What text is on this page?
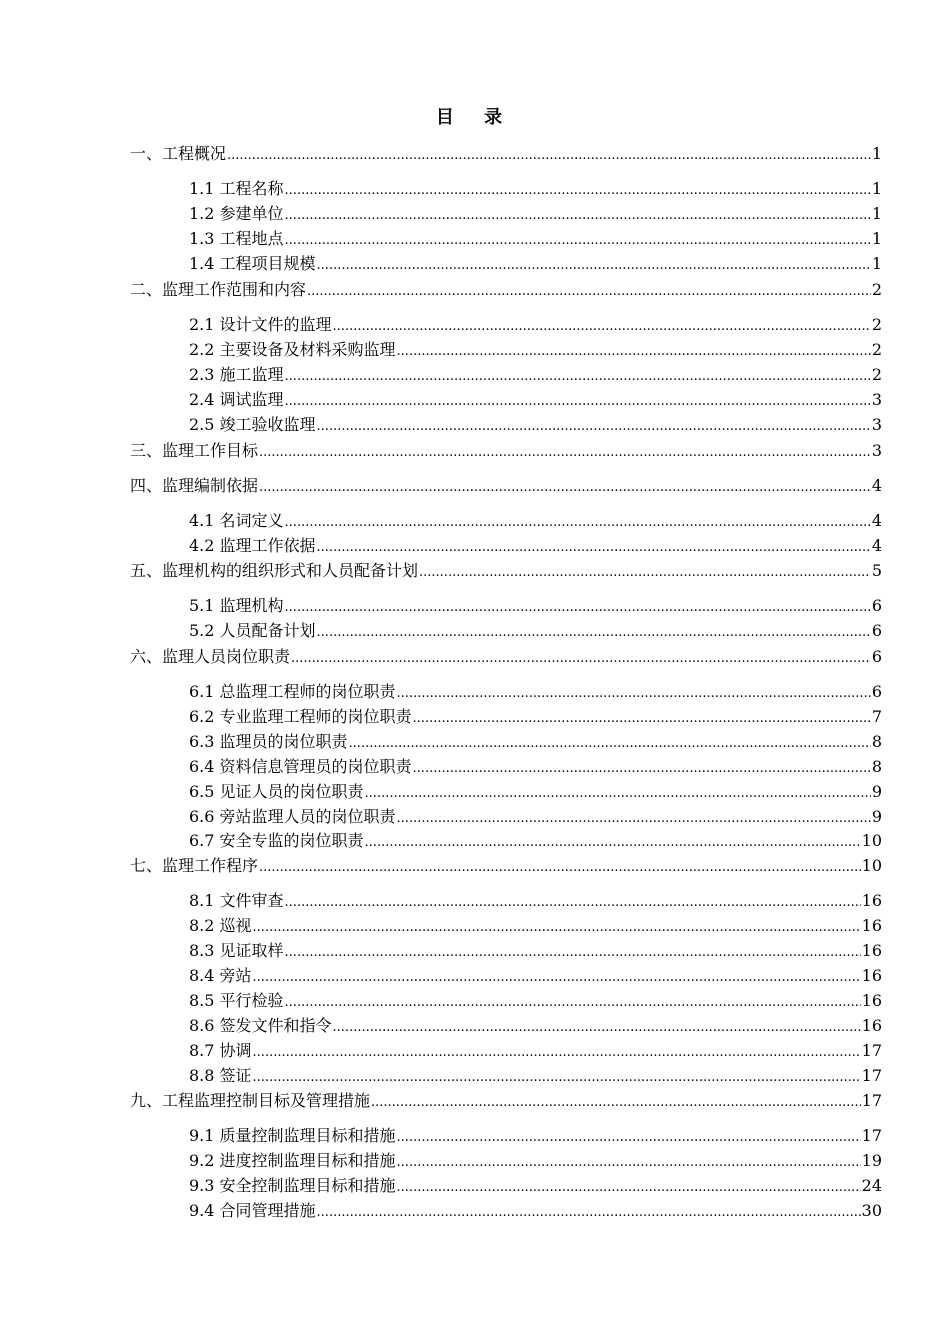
目 录
一、工程概况 .....	1
1.1 工程名称 .....	1
1.2 参建单位 .....	1
1.3 工程地点 .....	1
1.4 工程项目规模 .....	1
二、监理工作范围和内容 .....	2
2.1 设计文件的监理 .....	2
2.2 主要设备及材料采购监理 .....	2
2.3 施工监理 .....	2
2.4 调试监理 .....	3
2.5 竣工验收监理 .....	3
三、监理工作目标 .....	3
四、监理编制依据 .....	4
4.1 名词定义 .....	4
4.2 监理工作依据 .....	4
五、监理机构的组织形式和人员配备计划 .....	5
5.1 监理机构 .....	6
5.2 人员配备计划 .....	6
六、监理人员岗位职责 .....	6
6.1 总监理工程师的岗位职责 .....	6
6.2 专业监理工程师的岗位职责 .....	7
6.3 监理员的岗位职责 .....	8
6.4 资料信息管理员的岗位职责 .....	8
6.5 见证人员的岗位职责 .....	9
6.6 旁站监理人员的岗位职责 .....	9
6.7 安全专监的岗位职责 .....	10
七、监理工作程序 .....	10
8.1 文件审查 .....	16
8.2 巡视 .....	16
8.3 见证取样 .....	16
8.4 旁站 .....	16
8.5 平行检验 .....	16
8.6 签发文件和指令 .....	16
8.7 协调 .....	17
8.8 签证 .....	17
九、工程监理控制目标及管理措施 .....	17
9.1 质量控制监理目标和措施 .....	17
9.2 进度控制监理目标和措施 .....	19
9.3 安全控制监理目标和措施 .....	24
9.4 合同管理措施 .....	30
